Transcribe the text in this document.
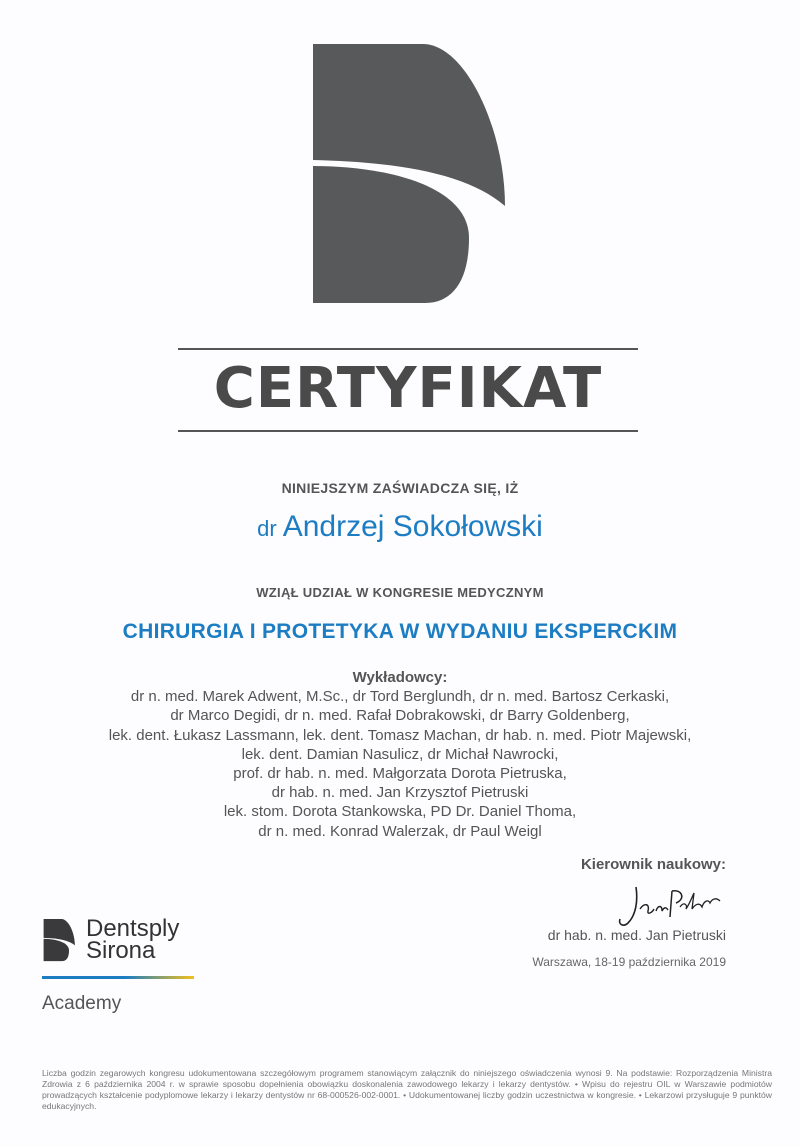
CERTYFIKAT
NINIEJSZYM ZAŚWIADCZA SIĘ, IŻ
dr Andrzej Sokołowski
WZIĄŁ UDZIAŁ W KONGRESIE MEDYCZNYM
CHIRURGIA I PROTETYKA W WYDANIU EKSPERCKIM
Wykładowcy:
dr n. med. Marek Adwent, M.Sc., dr Tord Berglundh, dr n. med. Bartosz Cerkaski,
dr Marco Degidi, dr n. med. Rafał Dobrakowski, dr Barry Goldenberg,
lek. dent. Łukasz Lassmann, lek. dent. Tomasz Machan, dr hab. n. med. Piotr Majewski,
lek. dent. Damian Nasulicz, dr Michał Nawrocki,
prof. dr hab. n. med. Małgorzata Dorota Pietruska,
dr hab. n. med. Jan Krzysztof Pietruski
lek. stom. Dorota Stankowska, PD Dr. Daniel Thoma,
dr n. med. Konrad Walerzak, dr Paul Weigl
Kierownik naukowy:
dr hab. n. med. Jan Pietruski
Warszawa, 18-19 października 2019
Dentsply
Sirona
Academy
Liczba godzin zegarowych kongresu udokumentowana szczegółowym programem stanowiącym załącznik do niniejszego oświadczenia wynosi 9. Na podstawie: Rozporządzenia Ministra Zdrowia z 6 października 2004 r. w sprawie sposobu dopełnienia obowiązku doskonalenia zawodowego lekarzy i lekarzy dentystów. • Wpisu do rejestru OIL w Warszawie podmiotów prowadzących kształcenie podyplomowe lekarzy i lekarzy dentystów nr 68-000526-002-0001. • Udokumentowanej liczby godzin uczestnictwa w kongresie. • Lekarzowi przysługuje 9 punktów edukacyjnych.
